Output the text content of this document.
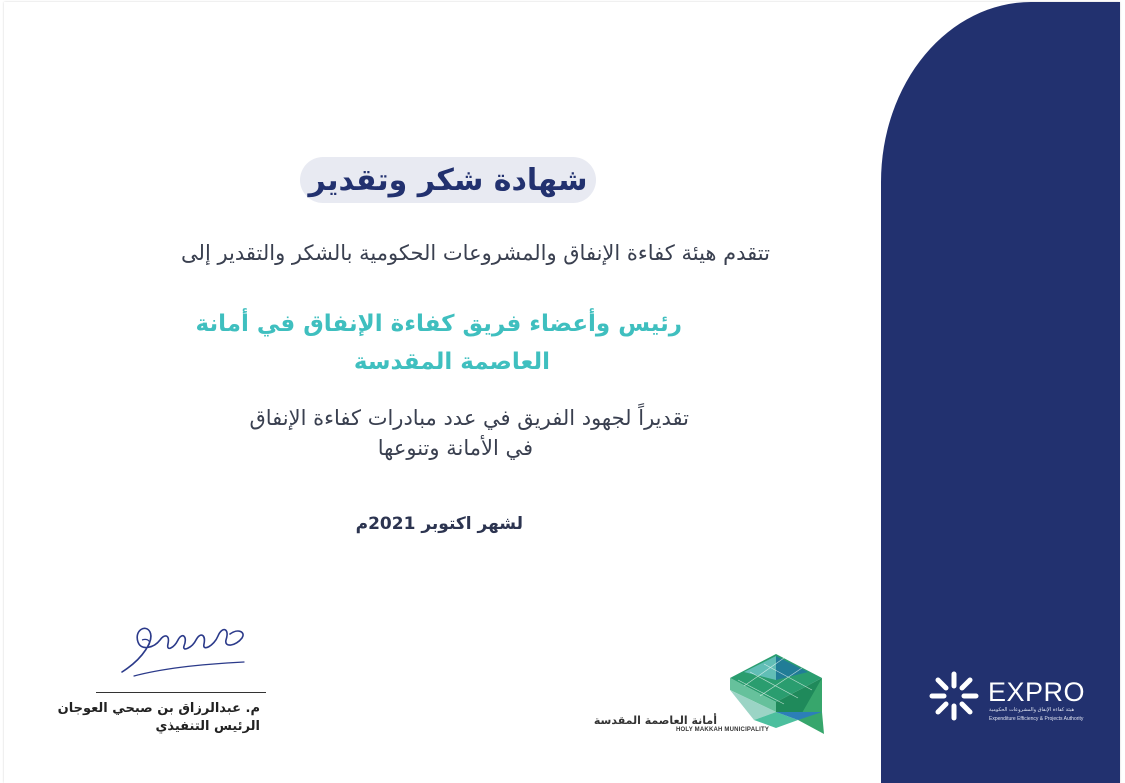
شهادة شكر وتقدير
تتقدم هيئة كفاءة الإنفاق والمشروعات الحكومية بالشكر والتقدير إلى
رئيس وأعضاء فريق كفاءة الإنفاق في أمانة
العاصمة المقدسة
تقديراً لجهود الفريق في عدد مبادرات كفاءة الإنفاق
في الأمانة وتنوعها
لشهر اكتوبر 2021م
م. عبدالرزاق بن صبحي العوجان
الرئيس التنفيذي	أمانة العاصمة المقدسة
HOLY MAKKAH MUNICIPALITY
EXPRO
هيئة كفاءة الإنفاق والمشروعات الحكومية
Expenditure Efficiency & Projects Authority
